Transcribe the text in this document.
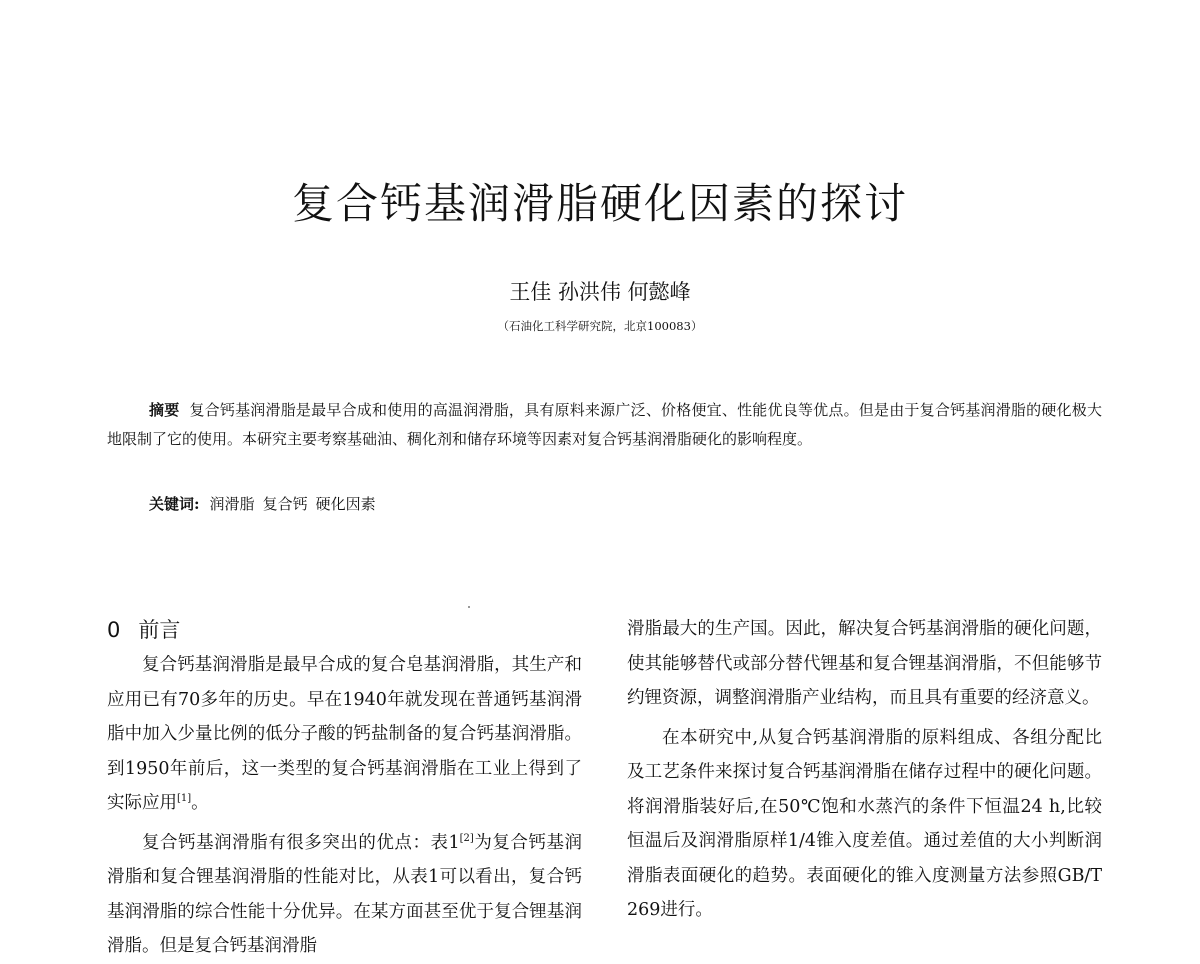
复合钙基润滑脂硬化因素的探讨
王佳 孙洪伟 何懿峰
（石油化工科学研究院，北京100083）

摘要 复合钙基润滑脂是最早合成和使用的高温润滑脂，具有原料来源广泛、价格便宜、性能优良等优点。但是由于复合钙基润滑脂的硬化极大地限制了它的使用。本研究主要考察基础油、稠化剂和储存环境等因素对复合钙基润滑脂硬化的影响程度。

关键词: 润滑脂 复合钙 硬化因素
0 前言

复合钙基润滑脂是最早合成的复合皂基润滑脂，其生产和应用已有70多年的历史。早在1940年就发现在普通钙基润滑脂中加入少量比例的低分子酸的钙盐制备的复合钙基润滑脂。到1950年前后，这一类型的复合钙基润滑脂在工业上得到了实际应用[1]。

复合钙基润滑脂有很多突出的优点：表1[2]为复合钙基润滑脂和复合锂基润滑脂的性能对比，从表1可以看出，复合钙基润滑脂的综合性能十分优异。在某方面甚至优于复合锂基润滑脂。但是复合钙基润滑脂

滑脂最大的生产国。因此，解决复合钙基润滑脂的硬化问题，使其能够替代或部分替代锂基和复合锂基润滑脂，不但能够节约锂资源，调整润滑脂产业结构，而且具有重要的经济意义。

在本研究中,从复合钙基润滑脂的原料组成、各组分配比及工艺条件来探讨复合钙基润滑脂在储存过程中的硬化问题。将润滑脂装好后,在50℃饱和水蒸汽的条件下恒温24 h,比较恒温后及润滑脂原样1/4锥入度差值。通过差值的大小判断润滑脂表面硬化的趋势。表面硬化的锥入度测量方法参照GB/T 269进行。
